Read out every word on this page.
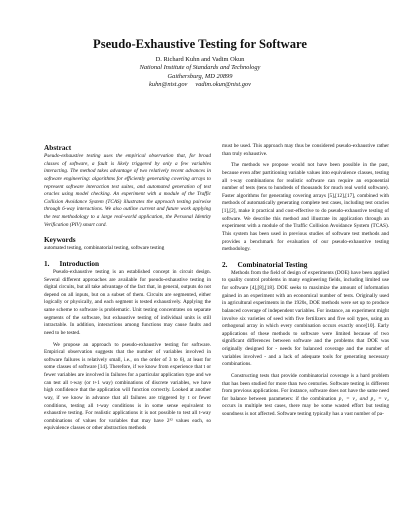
Pseudo-Exhaustive Testing for Software
D. Richard Kuhn and Vadim Okun
National Institute of Standards and Technology
Gaithersburg, MD 20899
kuhn@nist.gov     vadim.okun@nist.gov
Abstract

Pseudo-exhaustive testing uses the empirical observation that, for broad classes of software, a fault is likely triggered by only a few variables interacting. The method takes advantage of two relatively recent advances in software engineering: algorithms for efficiently generating covering arrays to represent software interaction test suites, and automated generation of test oracles using model checking. An experiment with a module of the Traffic Collision Avoidance System (TCAS) illustrates the approach testing pairwise through 6-way interactions. We also outline current and future work applying the test methodology to a large real-world application, the Personal Identity Verification (PIV) smart card.

Keywords

automated testing, combinatorial testing, software testing

1. Introduction

Pseudo-exhaustive testing is an established concept in circuit design. Several different approaches are available for pseudo-exhaustive testing in digital circuits, but all take advantage of the fact that, in general, outputs do not depend on all inputs, but on a subset of them. Circuits are segmented, either logically or physically, and each segment is tested exhaustively. Applying the same scheme to software is problematic. Unit testing concentrates on separate segments of the software, but exhaustive testing of individual units is still intractable. In addition, interactions among functions may cause faults and need to be tested.

We propose an approach to pseudo-exhaustive testing for software. Empirical observation suggests that the number of variables involved in software failures is relatively small, i.e., on the order of 3 to 6), at least for some classes of software [14]. Therefore, if we know from experience that t or fewer variables are involved in failures for a particular application type and we can test all t-way (or t+1 way) combinations of discrete variables, we have high confidence that the application will function correctly. Looked at another way, if we know in advance that all failures are triggered by t or fewer conditions, testing all t-way conditions is in some sense equivalent to exhaustive testing. For realistic applications it is not possible to test all t-way combinations of values for variables that may have 2³² values each, so equivalence classes or other abstraction methods

must be used. This approach may thus be considered pseudo-exhaustive rather than truly exhaustive.

The methods we propose would not have been possible in the past, because even after partitioning variable values into equivalence classes, testing all t-way combinations for realistic software can require an exponential number of tests (tens to hundreds of thousands for much real world software). Faster algorithms for generating covering arrays [5],[12],[17], combined with methods of automatically generating complete test cases, including test oracles [1],[2], make it practical and cost-effective to do pseudo-exhaustive testing of software. We describe this method and illustrate its application through an experiment with a module of the Traffic Collision Avoidance System (TCAS). This system has been used in previous studies of software test methods and provides a benchmark for evaluation of our pseudo-exhaustive testing methodology.

2. Combinatorial Testing

Methods from the field of design of experiments (DOE) have been applied to quality control problems in many engineering fields, including limited use for software [4],[8],[18]. DOE seeks to maximize the amount of information gained in an experiment with an economical number of tests. Originally used in agricultural experiments in the 1920s, DOE methods were set up to produce balanced coverage of independent variables. For instance, an experiment might involve six varieties of seed with five fertilizers and five soil types, using an orthogonal array in which every combination occurs exactly once[10]. Early applications of these methods to software were limited because of two significant differences between software and the problems that DOE was originally designed for - needs for balanced coverage and the number of variables involved - and a lack of adequate tools for generating necessary combinations.

Constructing tests that provide combinatorial coverage is a hard problem that has been studied for more than two centuries. Software testing is different from previous applications. For instance, software does not have the same need for balance between parameters: if the combination p₁ = v₁ and p₂ = v₂ occurs in multiple test cases, there may be some wasted effort but testing soundness is not affected. Software testing typically has a vast number of pa-
